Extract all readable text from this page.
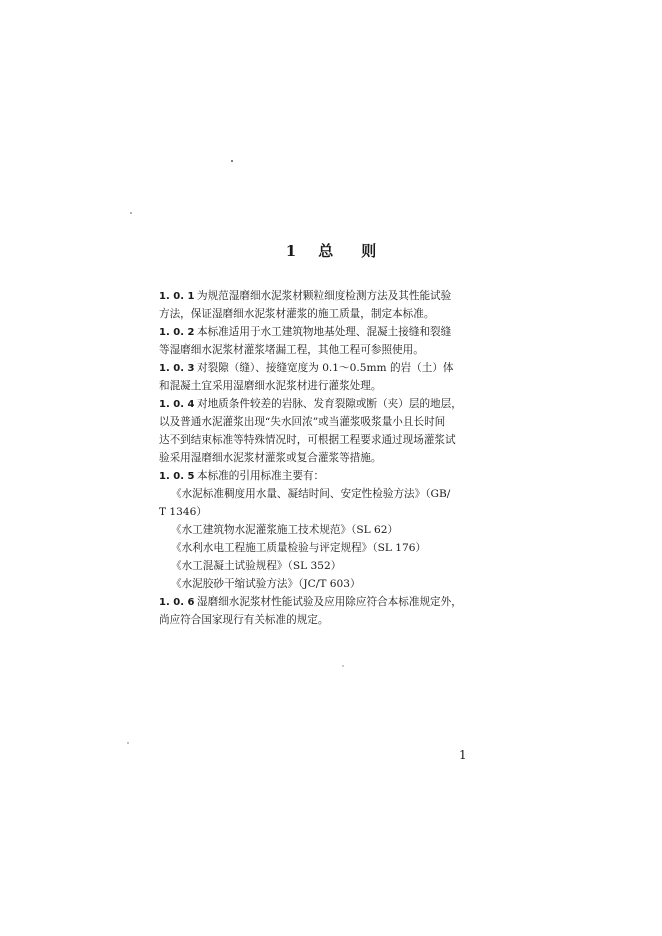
1 总 则
1. 0. 1 为规范湿磨细水泥浆材颗粒细度检测方法及其性能试验
方法，保证湿磨细水泥浆材灌浆的施工质量，制定本标准。
1. 0. 2 本标准适用于水工建筑物地基处理、混凝土接缝和裂缝
等湿磨细水泥浆材灌浆堵漏工程，其他工程可参照使用。
1. 0. 3 对裂隙（缝）、接缝宽度为 0.1～0.5mm 的岩（土）体
和混凝土宜采用湿磨细水泥浆材进行灌浆处理。
1. 0. 4 对地质条件较差的岩脉、发育裂隙或断（夹）层的地层，
以及普通水泥灌浆出现“失水回浓”或当灌浆吸浆量小且长时间
达不到结束标准等特殊情况时，可根据工程要求通过现场灌浆试
验采用湿磨细水泥浆材灌浆或复合灌浆等措施。
1. 0. 5 本标准的引用标准主要有：
《水泥标准稠度用水量、凝结时间、安定性检验方法》（GB/
T 1346）
《水工建筑物水泥灌浆施工技术规范》（SL 62）
《水利水电工程施工质量检验与评定规程》（SL 176）
《水工混凝土试验规程》（SL 352）
《水泥胶砂干缩试验方法》（JC/T 603）
1. 0. 6 湿磨细水泥浆材性能试验及应用除应符合本标准规定外，
尚应符合国家现行有关标准的规定。
1
